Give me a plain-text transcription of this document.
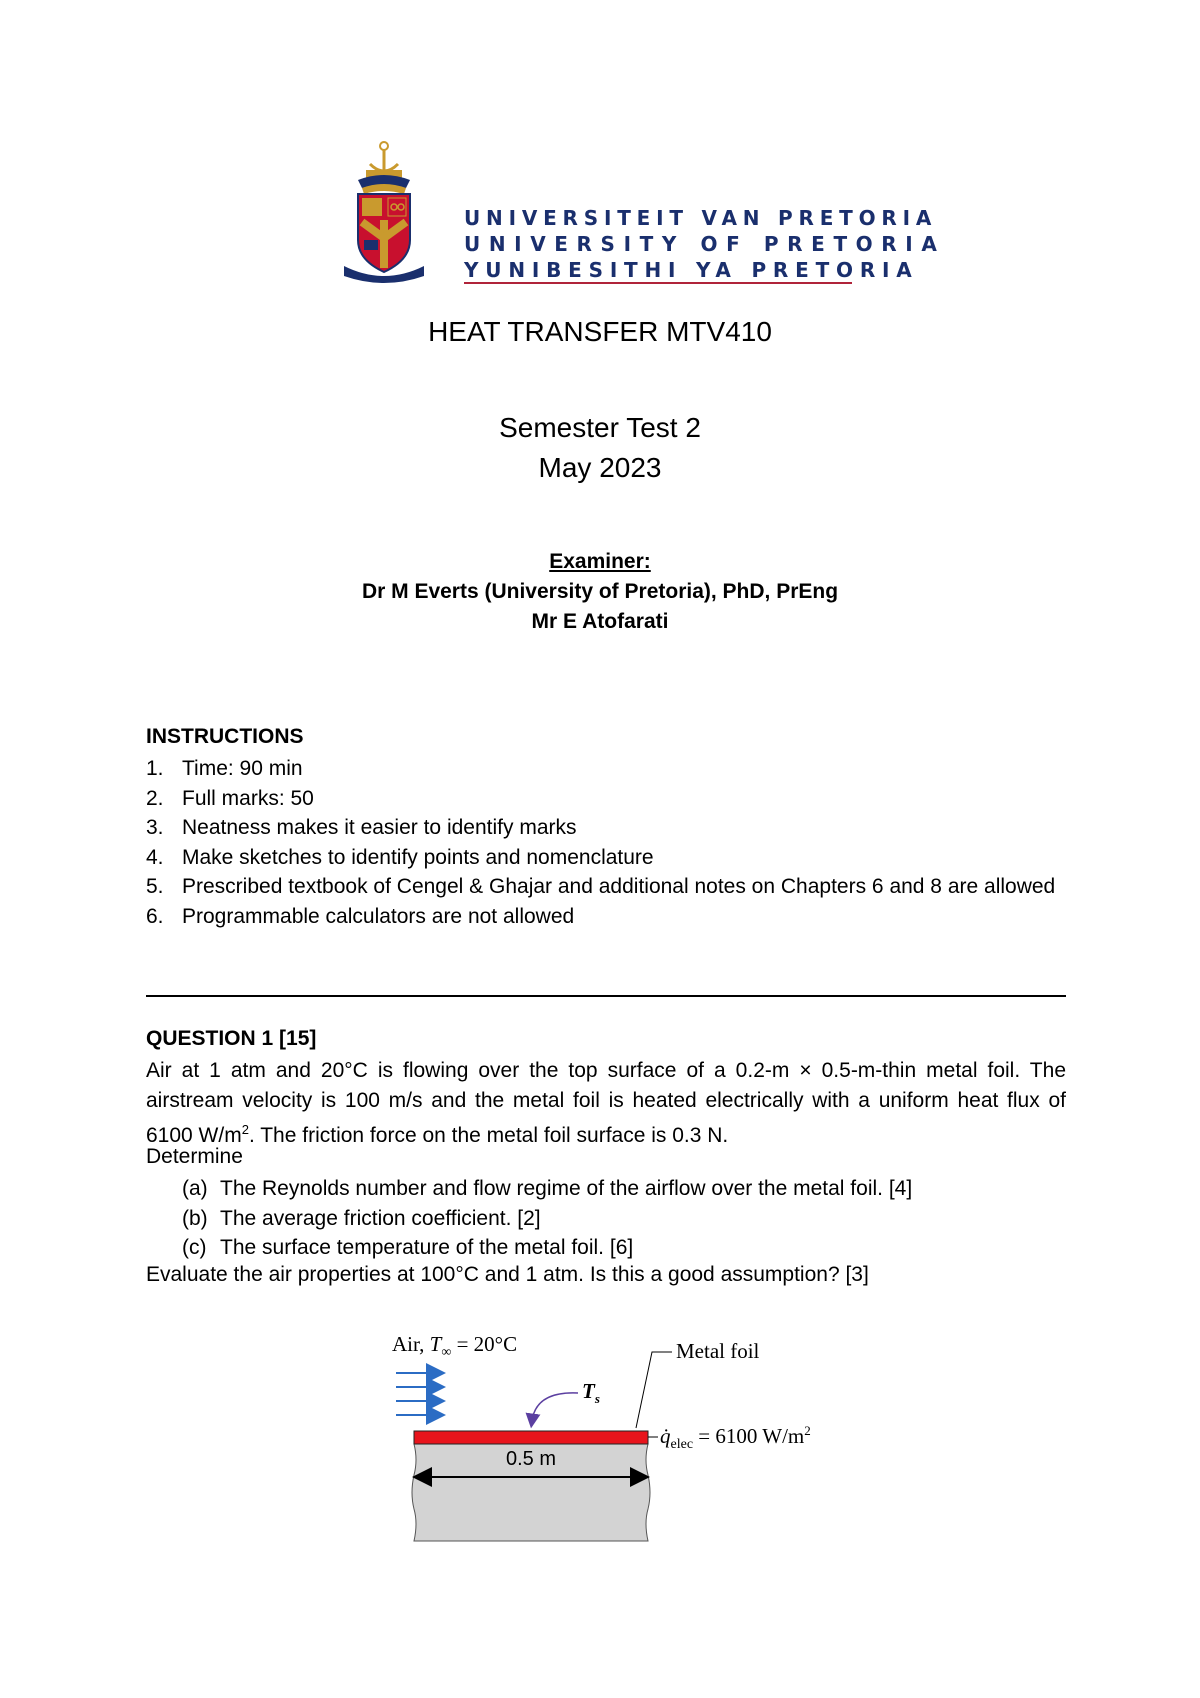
UNIVERSITEIT VAN PRETORIA
UNIVERSITY OF PRETORIA
YUNIBESITHI YA PRETORIA
HEAT TRANSFER MTV410
Semester Test 2
May 2023
Examiner:
Dr M Everts (University of Pretoria), PhD, PrEng
Mr E Atofarati
INSTRUCTIONS
1. Time: 90 min
2. Full marks: 50
3. Neatness makes it easier to identify marks
4. Make sketches to identify points and nomenclature
5. Prescribed textbook of Cengel & Ghajar and additional notes on Chapters 6 and 8 are allowed
6. Programmable calculators are not allowed
QUESTION 1 [15]
Air at 1 atm and 20°C is flowing over the top surface of a 0.2-m × 0.5-m-thin metal foil. The airstream velocity is 100 m/s and the metal foil is heated electrically with a uniform heat flux of 6100 $W/m^2$. The friction force on the metal foil surface is 0.3 N.
Determine
(a) The Reynolds number and flow regime of the airflow over the metal foil. [4]
(b) The average friction coefficient. [2]
(c) The surface temperature of the metal foil. [6]
Evaluate the air properties at 100°C and 1 atm. Is this a good assumption? [3]
Air, $T_\infty = 20^\circ C$	Metal foil
$T_s$
$q̇_{elec} = 6100$ $W/m^2$
0.5 m
